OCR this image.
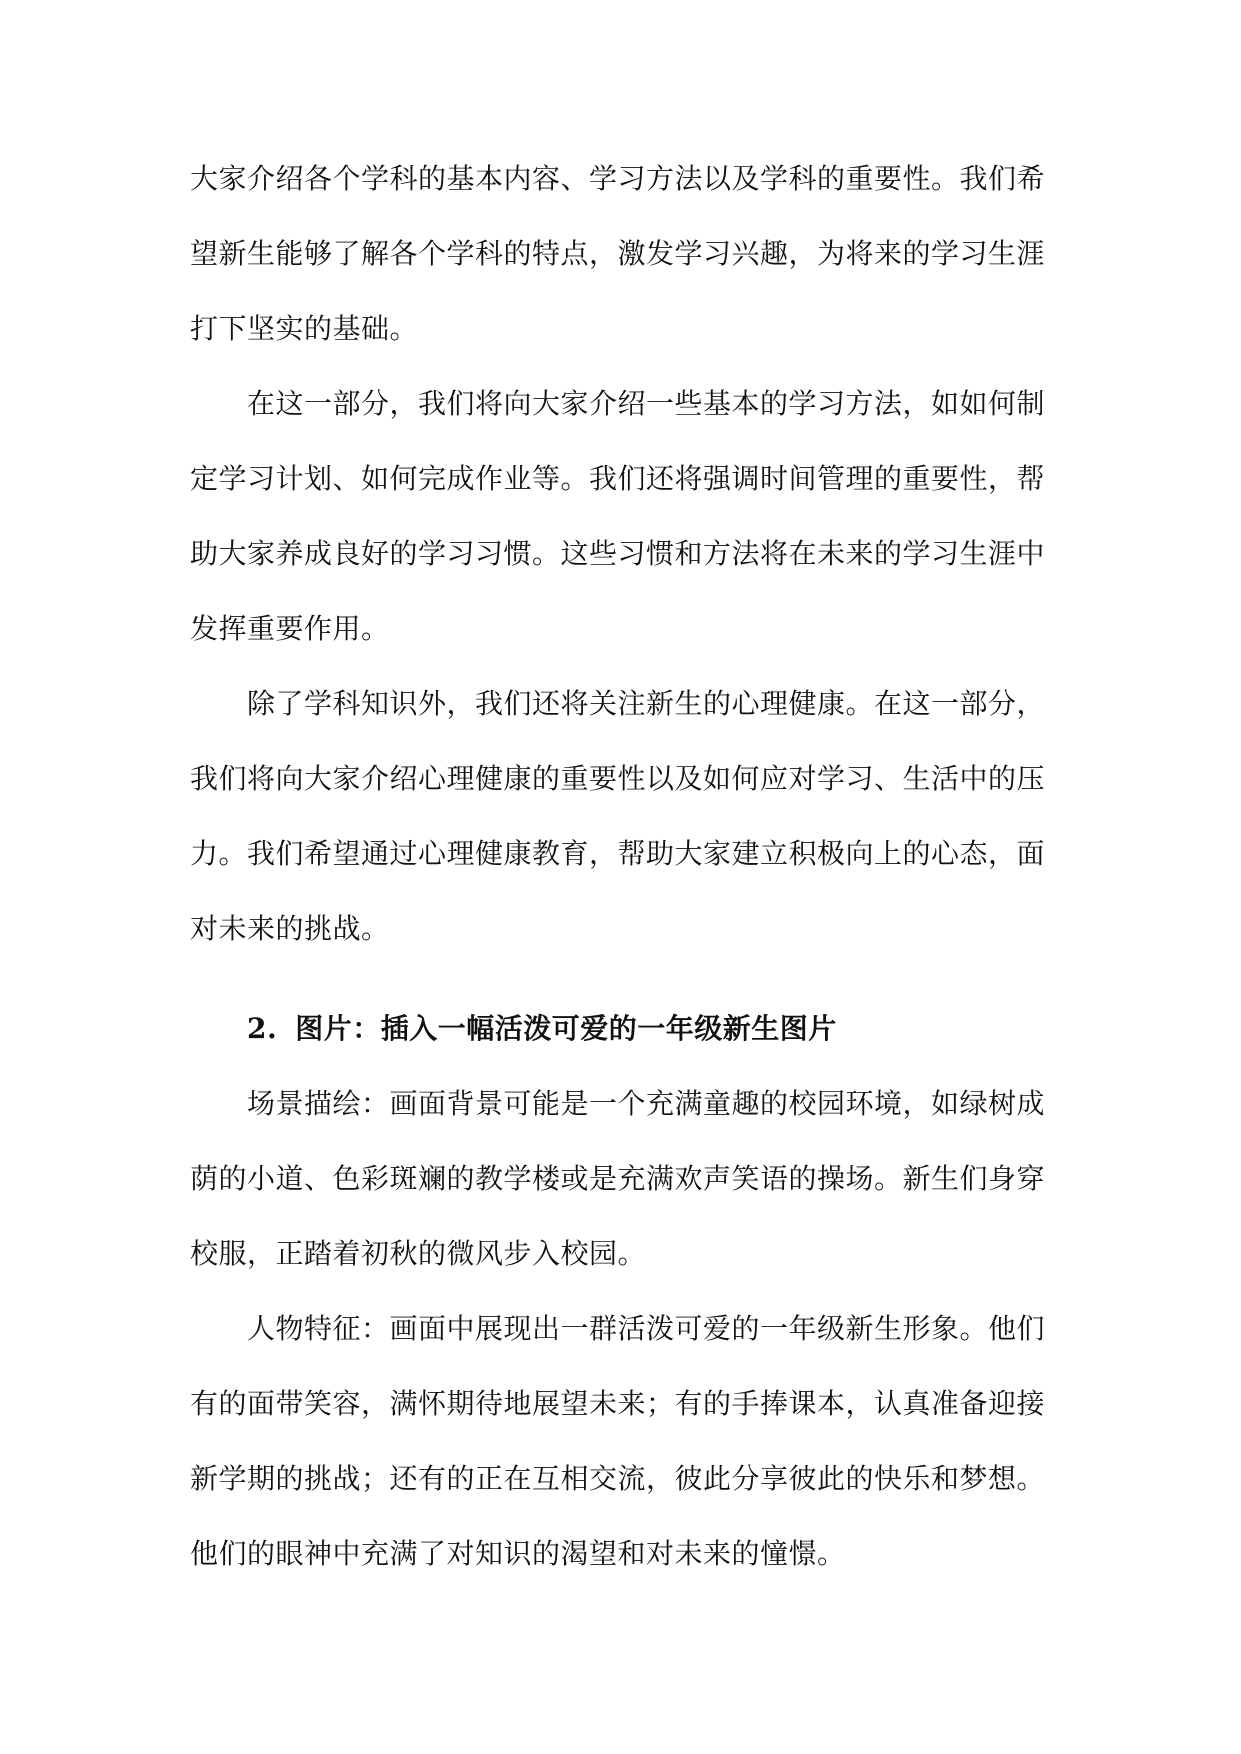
大家介绍各个学科的基本内容、学习方法以及学科的重要性。我们希
望新生能够了解各个学科的特点，激发学习兴趣，为将来的学习生涯
打下坚实的基础。
在这一部分，我们将向大家介绍一些基本的学习方法，如如何制
定学习计划、如何完成作业等。我们还将强调时间管理的重要性，帮
助大家养成良好的学习习惯。这些习惯和方法将在未来的学习生涯中
发挥重要作用。
除了学科知识外，我们还将关注新生的心理健康。在这一部分，
我们将向大家介绍心理健康的重要性以及如何应对学习、生活中的压
力。我们希望通过心理健康教育，帮助大家建立积极向上的心态，面
对未来的挑战。
2. 图片：插入一幅活泼可爱的一年级新生图片
场景描绘：画面背景可能是一个充满童趣的校园环境，如绿树成
荫的小道、色彩斑斓的教学楼或是充满欢声笑语的操场。新生们身穿
校服，正踏着初秋的微风步入校园。
人物特征：画面中展现出一群活泼可爱的一年级新生形象。他们
有的面带笑容，满怀期待地展望未来；有的手捧课本，认真准备迎接
新学期的挑战；还有的正在互相交流，彼此分享彼此的快乐和梦想。
他们的眼神中充满了对知识的渴望和对未来的憧憬。
